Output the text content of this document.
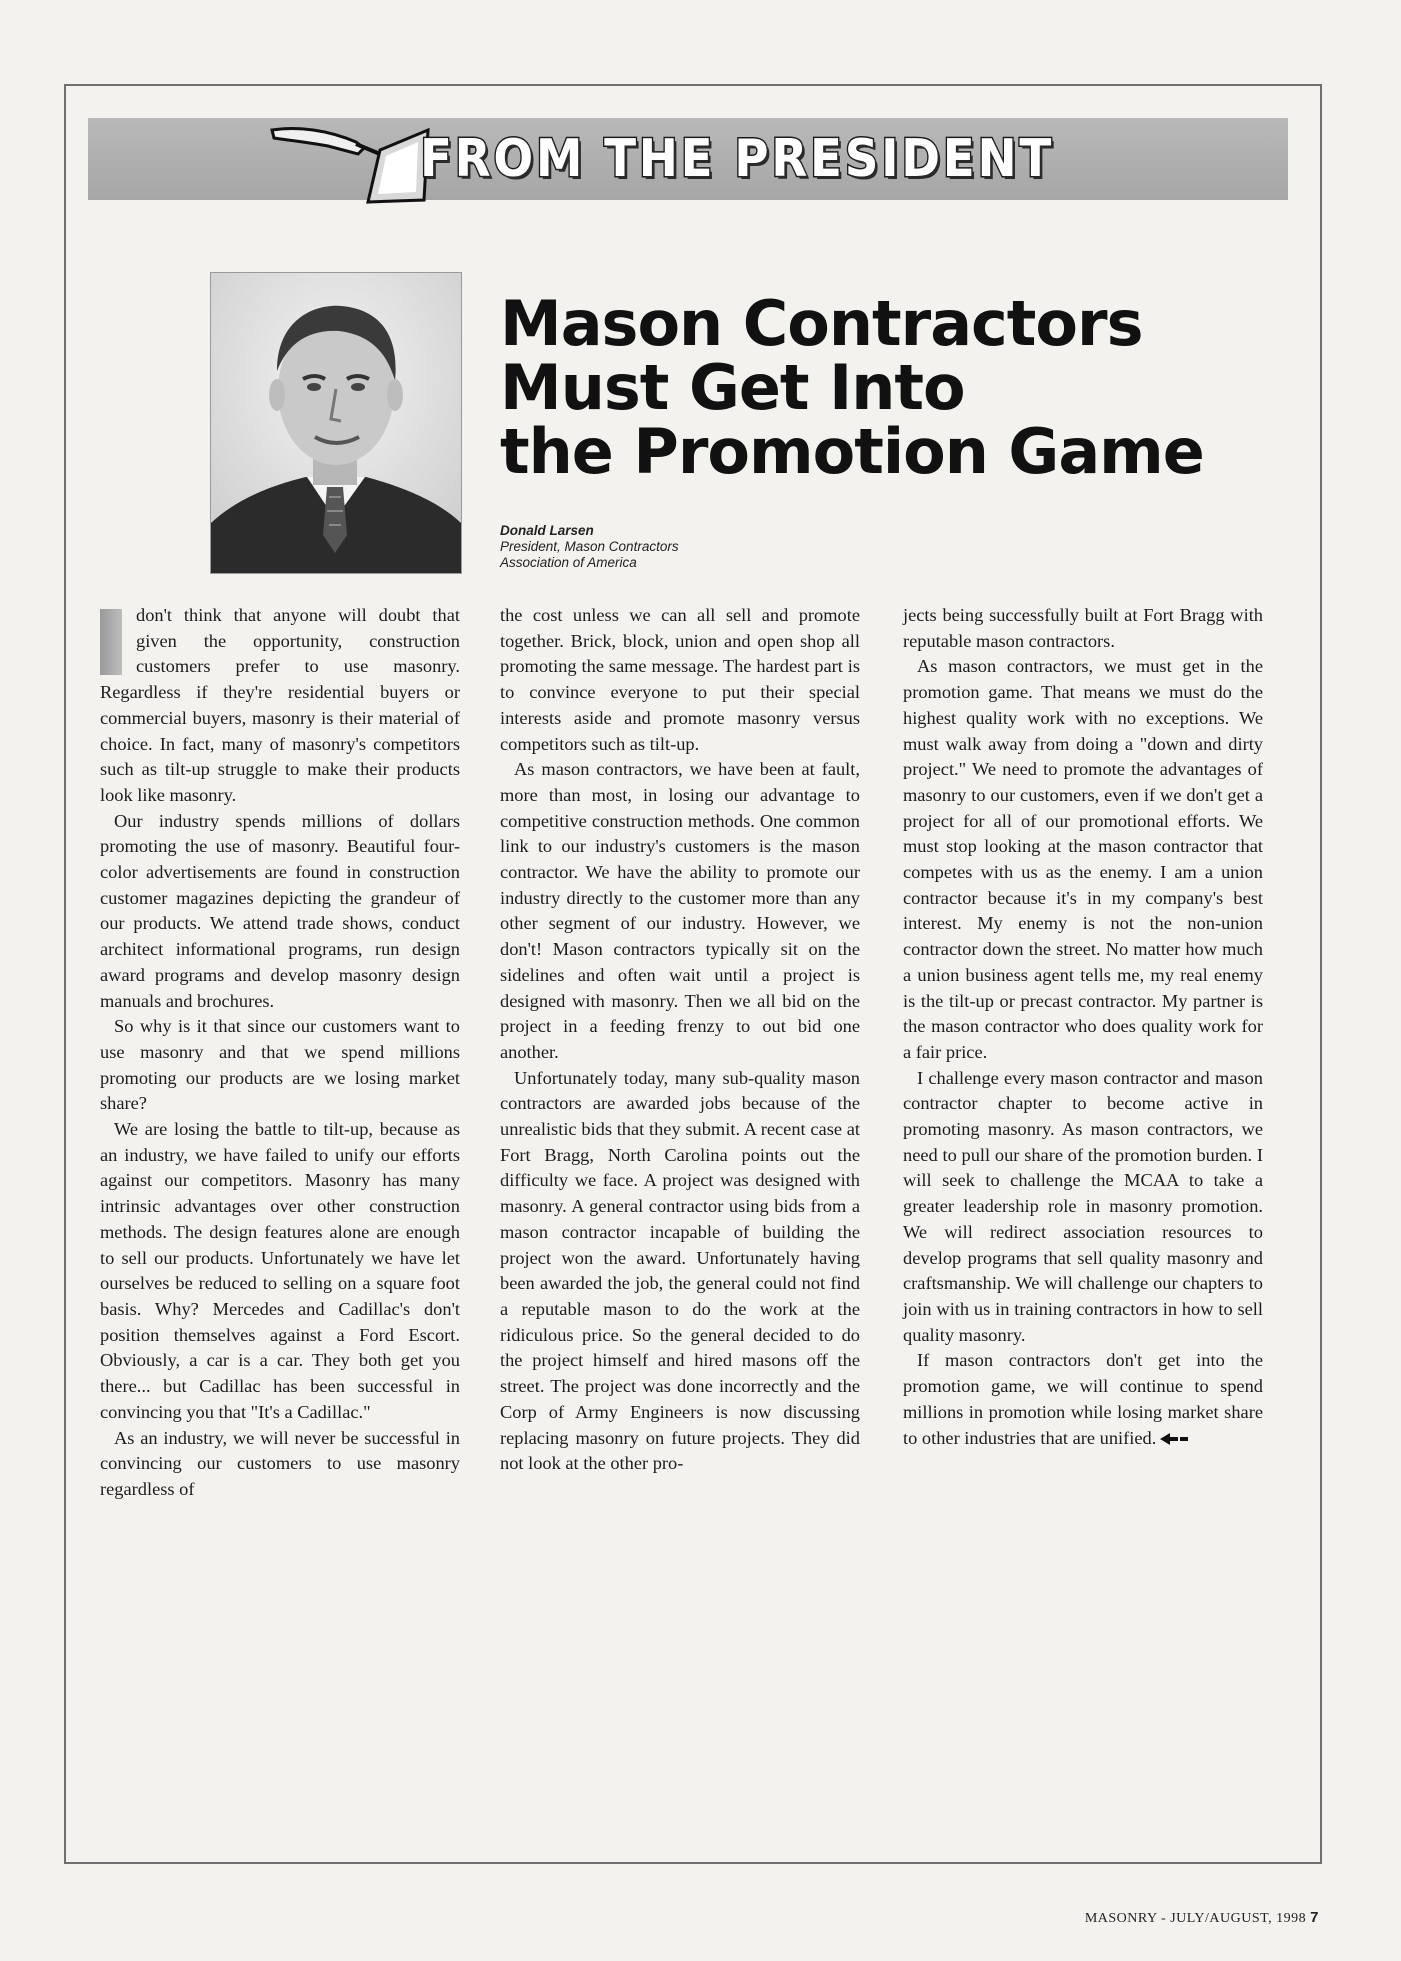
FROM THE PRESIDENT
Mason Contractors
Must Get Into
the Promotion Game
Donald Larsen
President, Mason Contractors
Association of America

don't think that anyone will doubt that given the opportunity, construction customers prefer to use masonry. Regardless if they're residential buyers or commercial buyers, masonry is their material of choice. In fact, many of masonry's competitors such as tilt-up struggle to make their products look like masonry.

Our industry spends millions of dollars promoting the use of masonry. Beautiful four-color advertisements are found in construction customer magazines depicting the grandeur of our products. We attend trade shows, conduct architect informational programs, run design award programs and develop masonry design manuals and brochures.

So why is it that since our customers want to use masonry and that we spend millions promoting our products are we losing market share?

We are losing the battle to tilt-up, because as an industry, we have failed to unify our efforts against our competitors. Masonry has many intrinsic advantages over other construction methods. The design features alone are enough to sell our products. Unfortunately we have let ourselves be reduced to selling on a square foot basis. Why? Mercedes and Cadillac's don't position themselves against a Ford Escort. Obviously, a car is a car. They both get you there... but Cadillac has been successful in convincing you that "It's a Cadillac."

As an industry, we will never be successful in convincing our customers to use masonry regardless of

the cost unless we can all sell and promote together. Brick, block, union and open shop all promoting the same message. The hardest part is to convince everyone to put their special interests aside and promote masonry versus competitors such as tilt-up.

As mason contractors, we have been at fault, more than most, in losing our advantage to competitive construction methods. One common link to our industry's customers is the mason contractor. We have the ability to promote our industry directly to the customer more than any other segment of our industry. However, we don't! Mason contractors typically sit on the sidelines and often wait until a project is designed with masonry. Then we all bid on the project in a feeding frenzy to out bid one another.

Unfortunately today, many sub-quality mason contractors are awarded jobs because of the unrealistic bids that they submit. A recent case at Fort Bragg, North Carolina points out the difficulty we face. A project was designed with masonry. A general contractor using bids from a mason contractor incapable of building the project won the award. Unfortunately having been awarded the job, the general could not find a reputable mason to do the work at the ridiculous price. So the general decided to do the project himself and hired masons off the street. The project was done incorrectly and the Corp of Army Engineers is now discussing replacing masonry on future projects. They did not look at the other pro-

jects being successfully built at Fort Bragg with reputable mason contractors.

As mason contractors, we must get in the promotion game. That means we must do the highest quality work with no exceptions. We must walk away from doing a "down and dirty project." We need to promote the advantages of masonry to our customers, even if we don't get a project for all of our promotional efforts. We must stop looking at the mason contractor that competes with us as the enemy. I am a union contractor because it's in my company's best interest. My enemy is not the non-union contractor down the street. No matter how much a union business agent tells me, my real enemy is the tilt-up or precast contractor. My partner is the mason contractor who does quality work for a fair price.

I challenge every mason contractor and mason contractor chapter to become active in promoting masonry. As mason contractors, we need to pull our share of the promotion burden. I will seek to challenge the MCAA to take a greater leadership role in masonry promotion. We will redirect association resources to develop programs that sell quality masonry and craftsmanship. We will challenge our chapters to join with us in training contractors in how to sell quality masonry.

If mason contractors don't get into the promotion game, we will continue to spend millions in promotion while losing market share to other industries that are unified.

MASONRY - JULY/AUGUST, 1998 7
